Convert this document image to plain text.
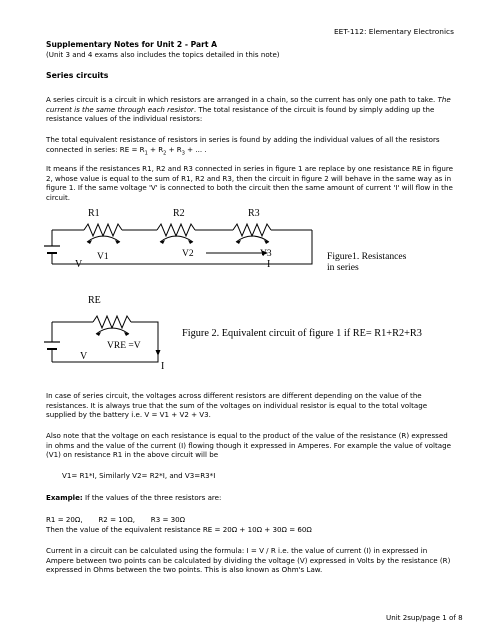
EET-112: Elementary Electronics
Supplementary Notes for Unit 2 - Part A
(Unit 3 and 4 exams also includes the topics detailed in this note)
Series circuits

A series circuit is a circuit in which resistors are arranged in a chain, so the current has only one path to take. The current is the same through each resistor. The total resistance of the circuit is found by simply adding up the resistance values of the individual resistors:

The total equivalent resistance of resistors in series is found by adding the individual values of all the resistors connected in series: RE = $R_1 + R_2 + R_3$ + ... .

It means if the resistances R1, R2 and R3 connected in series in figure 1 are replace by one resistance RE in figure 2, whose value is equal to the sum of R1, R2 and R3, then the circuit in figure 2 will behave in the same way as in figure 1. If the same voltage 'V' is connected to both the circuit then the same amount of current 'I' will flow in the circuit.

R1	R2	R3
V1	V2	V3
V	I
Figure1. Resistances
in series
RE
VRE =V
V
I
Figure 2. Equivalent circuit of figure 1 if RE= R1+R2+R3

In case of series circuit, the voltages across different resistors are different depending on the value of the resistances. It is always true that the sum of the voltages on individual resistor is equal to the total voltage supplied by the battery i.e. V = V1 + V2 + V3.

Also note that the voltage on each resistance is equal to the product of the value of the resistance (R) expressed in ohms and the value of the current (I) flowing though it expressed in Amperes. For example the value of voltage (V1) on resistance R1 in the above circuit will be

V1= R1*I, Similarly V2= R2*I, and V3=R3*I

Example: If the values of the three resistors are:

R1 = 20Ω,       R2 = 10Ω,       R3 = 30Ω
Then the value of the equivalent resistance RE = 20Ω + 10Ω + 30Ω = 60Ω

Current in a circuit can be calculated using the formula: I = V / R i.e. the value of current (I) in expressed in Ampere between two points can be calculated by dividing the voltage (V) expressed in Volts by the resistance (R) expressed in Ohms between the two points. This is also known as Ohm's Law.

Unit 2sup/page 1 of 8
